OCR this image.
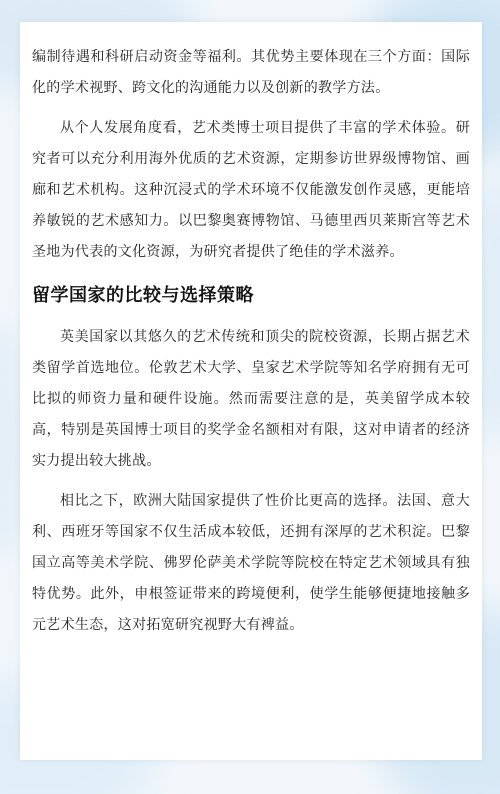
编制待遇和科研启动资金等福利。其优势主要体现在三个方面：国际化的学术视野、跨文化的沟通能力以及创新的教学方法。

从个人发展角度看，艺术类博士项目提供了丰富的学术体验。研究者可以充分利用海外优质的艺术资源，定期参访世界级博物馆、画廊和艺术机构。这种沉浸式的学术环境不仅能激发创作灵感，更能培养敏锐的艺术感知力。以巴黎奥赛博物馆、马德里西贝莱斯宫等艺术圣地为代表的文化资源，为研究者提供了绝佳的学术滋养。

留学国家的比较与选择策略

英美国家以其悠久的艺术传统和顶尖的院校资源，长期占据艺术类留学首选地位。伦敦艺术大学、皇家艺术学院等知名学府拥有无可比拟的师资力量和硬件设施。然而需要注意的是，英美留学成本较高，特别是英国博士项目的奖学金名额相对有限，这对申请者的经济实力提出较大挑战。

相比之下，欧洲大陆国家提供了性价比更高的选择。法国、意大利、西班牙等国家不仅生活成本较低，还拥有深厚的艺术积淀。巴黎国立高等美术学院、佛罗伦萨美术学院等院校在特定艺术领域具有独特优势。此外，申根签证带来的跨境便利，使学生能够便捷地接触多元艺术生态，这对拓宽研究视野大有裨益。
